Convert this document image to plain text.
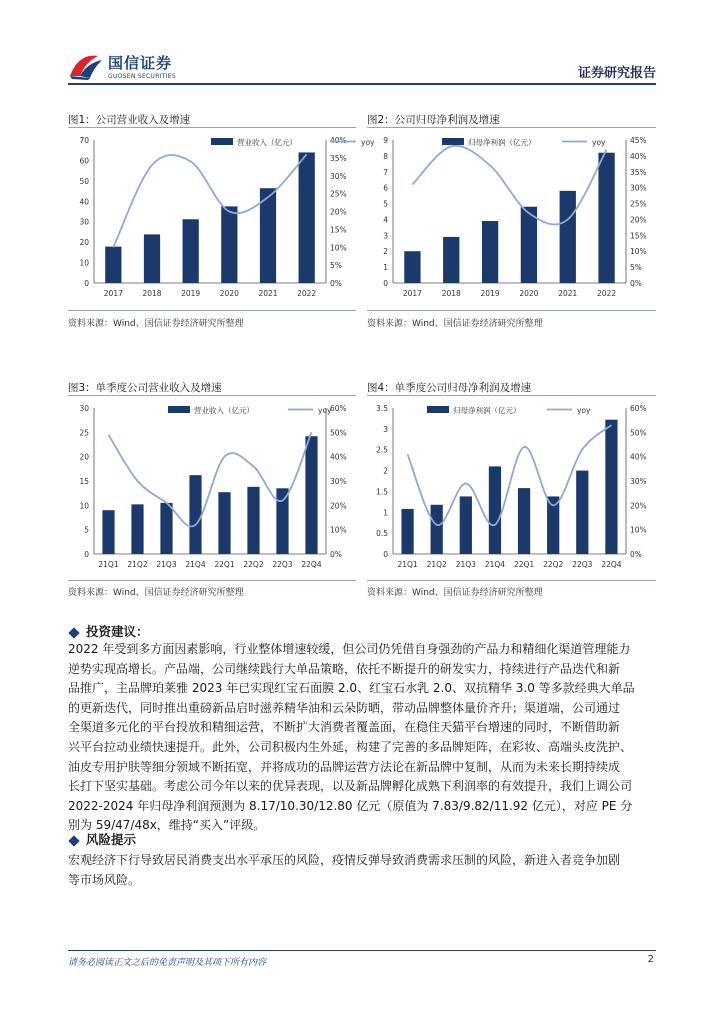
国信证券
GUOSEN SECURITIES	证券研究报告
图1：公司营业收入及增速
0
10
20
30
40
50
60
70
0%
5%
10%
15%
20%
25%
30%
35%
40%
2017	2018	2019	2020	2021	2022
营业收入（亿元）	yoy
资料来源：Wind、国信证券经济研究所整理
图2：公司归母净利润及增速
0
1
2
3
4
5
6
7
8
9
0%
5%
10%
15%
20%
25%
30%
35%
40%
45%
2017	2018	2019	2020	2021	2022
归母净利润（亿元）	yoy
资料来源：Wind、国信证券经济研究所整理
图3：单季度公司营业收入及增速
0
5
10
15
20
25
30
0%
10%
20%
30%
40%
50%
60%
21Q1 21Q2 21Q3 21Q4 22Q1 22Q2 22Q3 22Q4
营业收入（亿元）	yoy
资料来源：Wind、国信证券经济研究所整理
图4：单季度公司归母净利润及增速
0
0.5
1
1.5
2
2.5
3
3.5
0%
10%
20%
30%
40%
50%
60%
21Q1 21Q2 21Q3 21Q4 22Q1 22Q2 22Q3 22Q4
归母净利润（亿元）	yoy
资料来源：Wind、国信证券经济研究所整理
投资建议：
2022 年受到多方面因素影响，行业整体增速较缓，但公司仍凭借自身强劲的产品力和精细化渠道管理能力
逆势实现高增长。产品端，公司继续践行大单品策略，依托不断提升的研发实力，持续进行产品迭代和新
品推广，主品牌珀莱雅 2023 年已实现红宝石面膜 2.0、红宝石水乳 2.0、双抗精华 3.0 等多款经典大单品
的更新迭代，同时推出重磅新品启时滋养精华油和云朵防晒，带动品牌整体量价齐升；渠道端，公司通过
全渠道多元化的平台投放和精细运营，不断扩大消费者覆盖面，在稳住天猫平台增速的同时，不断借助新
兴平台拉动业绩快速提升。此外，公司积极内生外延，构建了完善的多品牌矩阵，在彩妆、高端头皮洗护、
油皮专用护肤等细分领域不断拓宽，并将成功的品牌运营方法论在新品牌中复制，从而为未来长期持续成
长打下坚实基础。考虑公司今年以来的优异表现，以及新品牌孵化成熟下利润率的有效提升，我们上调公司
2022-2024 年归母净利润预测为 8.17/10.30/12.80 亿元（原值为 7.83/9.82/11.92 亿元），对应 PE 分
别为 59/47/48x，维持“买入”评级。
风险提示
宏观经济下行导致居民消费支出水平承压的风险，疫情反弹导致消费需求压制的风险，新进入者竞争加剧
等市场风险。
请务必阅读正文之后的免责声明及其项下所有内容	2
